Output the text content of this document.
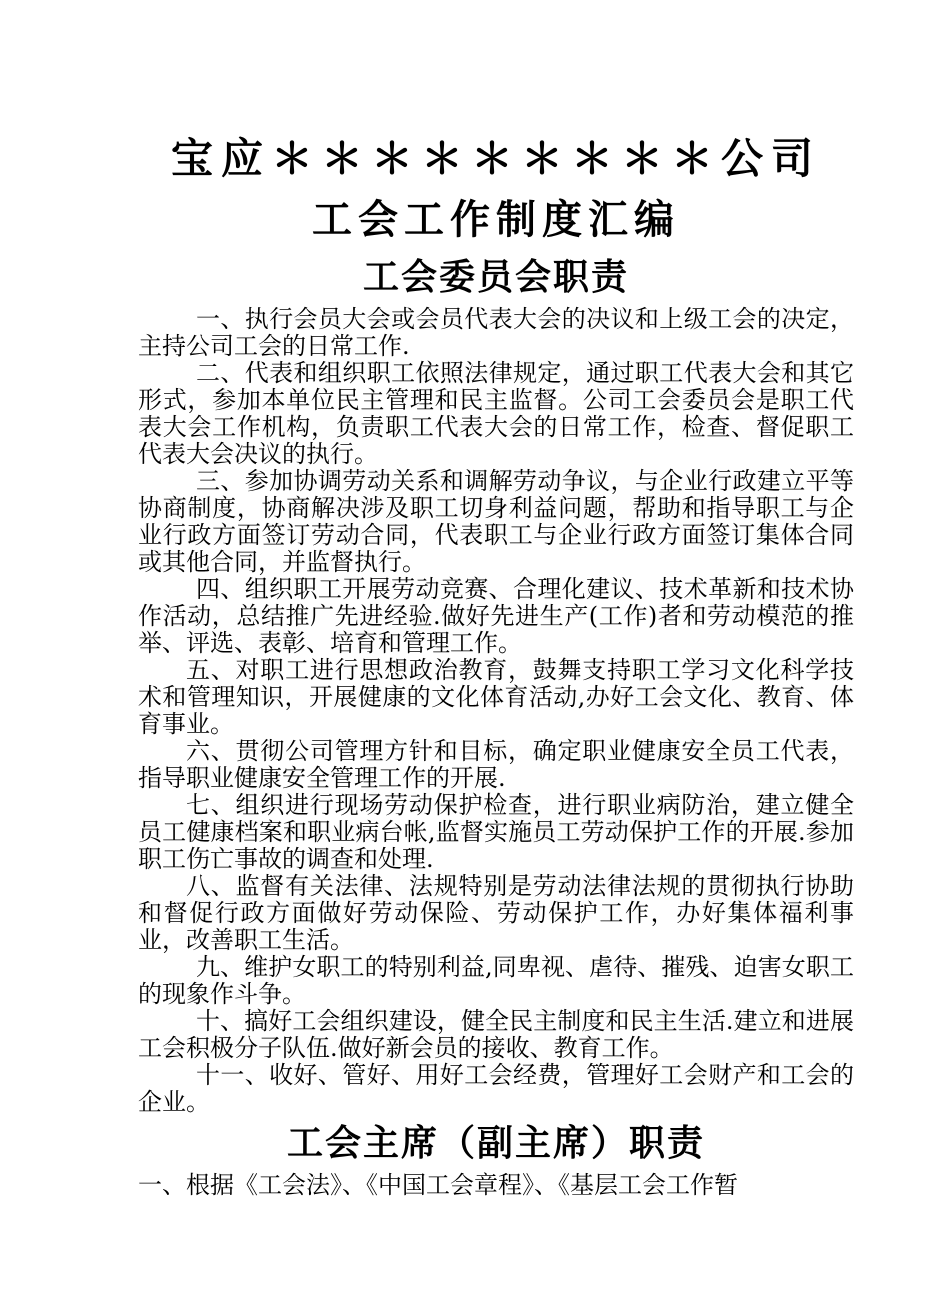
宝应＊＊＊＊＊＊＊＊＊公司
工会工作制度汇编
工会委员会职责

一、执行会员大会或会员代表大会的决议和上级工会的决定，主持公司工会的日常工作.

二、代表和组织职工依照法律规定，通过职工代表大会和其它形式，参加本单位民主管理和民主监督。公司工会委员会是职工代表大会工作机构，负责职工代表大会的日常工作，检查、督促职工代表大会决议的执行。

三、参加协调劳动关系和调解劳动争议，与企业行政建立平等协商制度，协商解决涉及职工切身利益问题，帮助和指导职工与企业行政方面签订劳动合同，代表职工与企业行政方面签订集体合同或其他合同，并监督执行。

四、组织职工开展劳动竞赛、合理化建议、技术革新和技术协作活动，总结推广先进经验.做好先进生产(工作)者和劳动模范的推举、评选、表彰、培育和管理工作。

五、对职工进行思想政治教育，鼓舞支持职工学习文化科学技术和管理知识，开展健康的文化体育活动,办好工会文化、教育、体育事业。

六、贯彻公司管理方针和目标，确定职业健康安全员工代表，指导职业健康安全管理工作的开展.

七、组织进行现场劳动保护检查，进行职业病防治，建立健全员工健康档案和职业病台帐,监督实施员工劳动保护工作的开展.参加职工伤亡事故的调查和处理.

八、监督有关法律、法规特别是劳动法律法规的贯彻执行协助和督促行政方面做好劳动保险、劳动保护工作，办好集体福利事业，改善职工生活。

九、维护女职工的特别利益,同卑视、虐待、摧残、迫害女职工的现象作斗争。

十、搞好工会组织建设，健全民主制度和民主生活.建立和进展工会积极分子队伍.做好新会员的接收、教育工作。

十一、收好、管好、用好工会经费，管理好工会财产和工会的企业。

工会主席（副主席）职责

一、根据《工会法》、《中国工会章程》、《基层工会工作暂
